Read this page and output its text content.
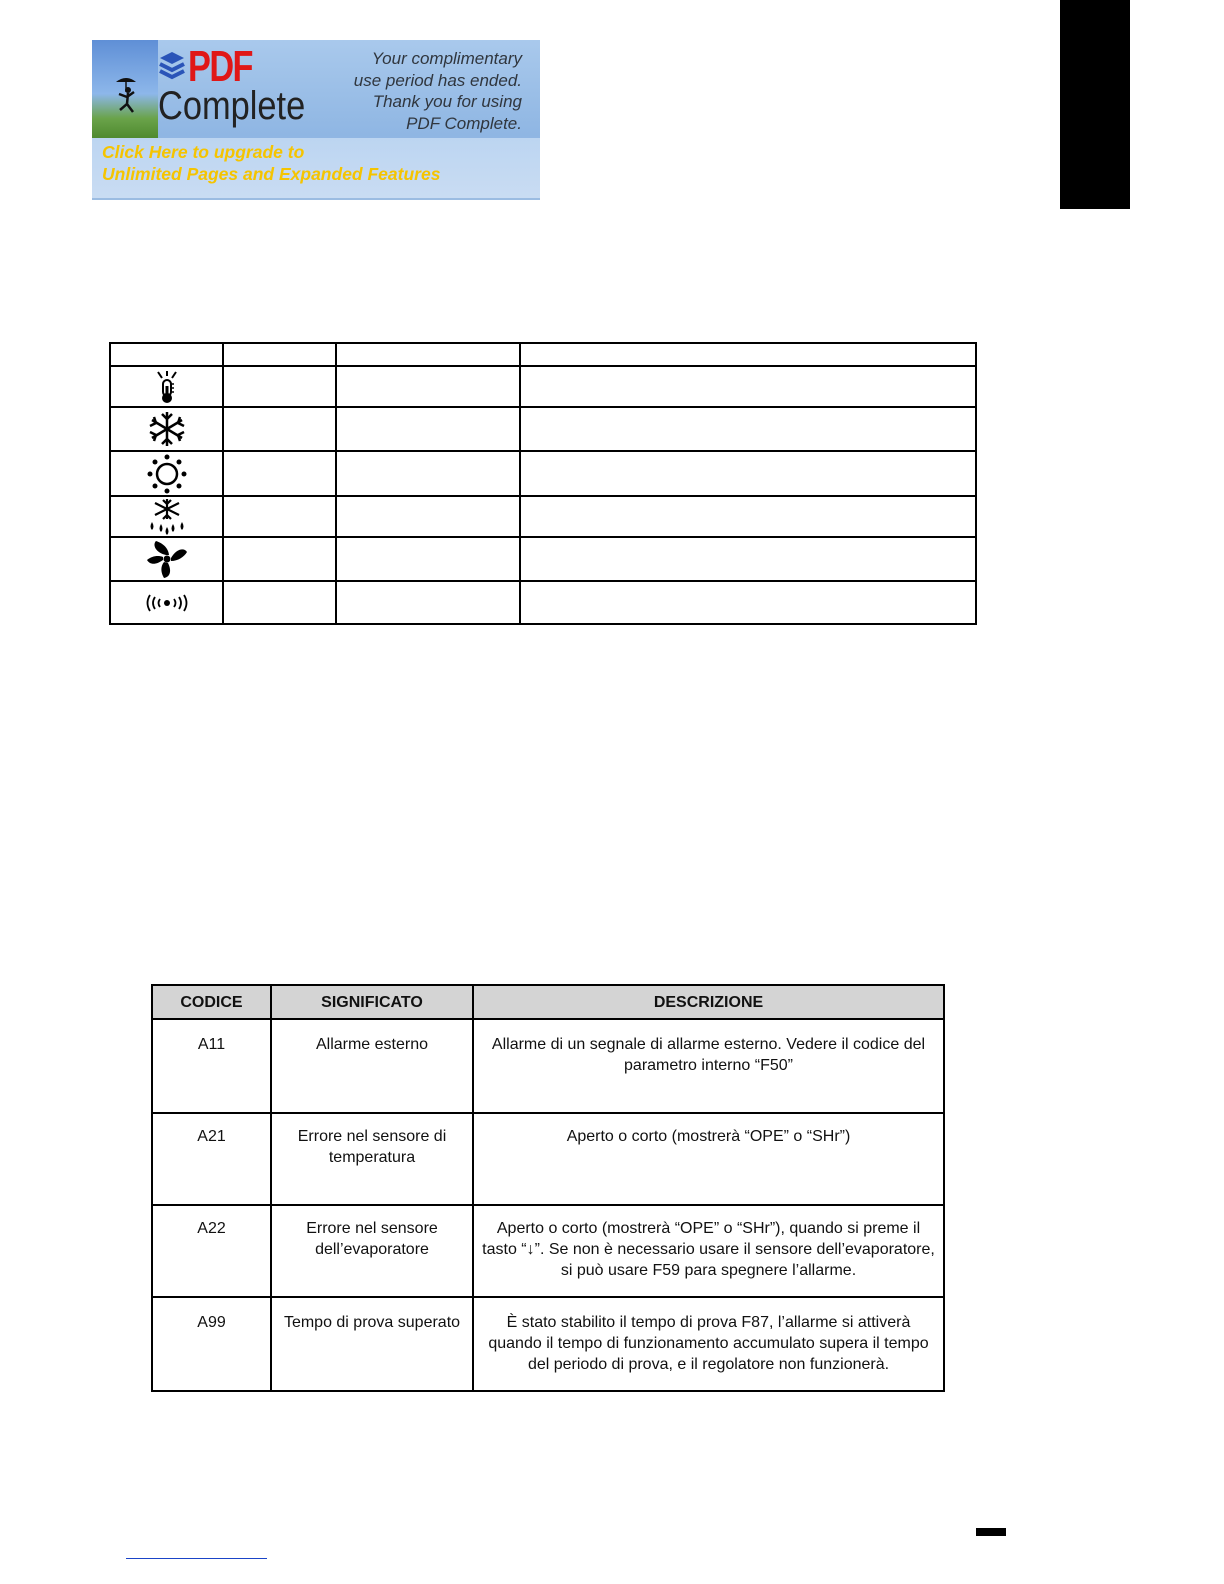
PDF
Complete
Your complimentary
use period has ended.
Thank you for using
PDF Complete.
Click Here to upgrade to
Unlimited Pages and Expanded Features

CODICE	SIGNIFICATO	DESCRIZIONE
A11	Allarme esterno	Allarme di un segnale di allarme esterno. Vedere il codice del parametro interno “F50”
A21	Errore nel sensore di temperatura	Aperto o corto (mostrerà “OPE” o “SHr”)
A22	Errore nel sensore dell’evaporatore	Aperto o corto (mostrerà “OPE” o “SHr”), quando si preme il tasto “↓”. Se non è necessario usare il sensore dell’evaporatore, si può usare F59 para spegnere l’allarme.
A99	Tempo di prova superato	È stato stabilito il tempo di prova F87, l’allarme si attiverà quando il tempo di funzionamento accumulato supera il tempo del periodo di prova, e il regolatore non funzionerà.
